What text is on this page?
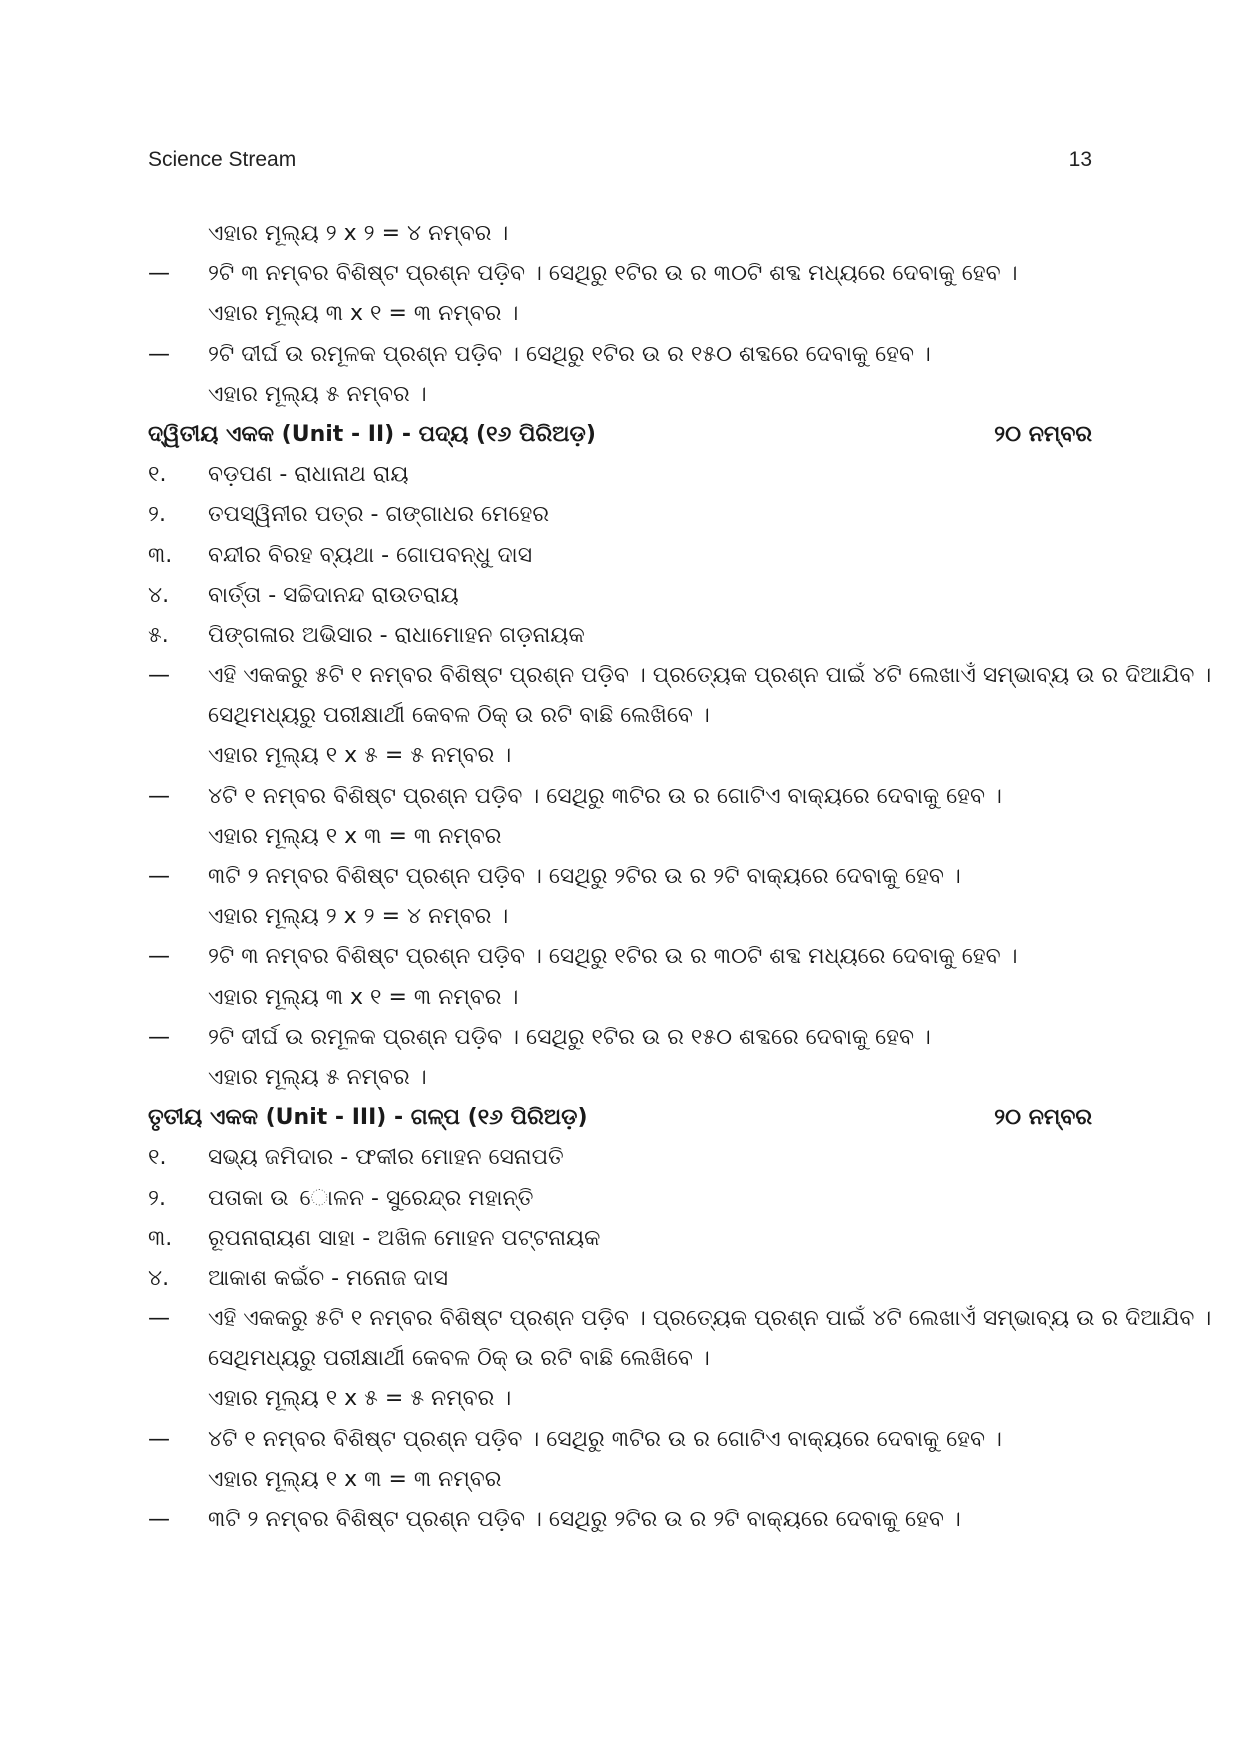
Science Stream	13
ଏହାର ମୂଲ୍ୟ ୨ x ୨ = ୪ ନମ୍ବର ।
— ୨ଟି ୩ ନମ୍ବର ବିଶିଷ୍ଟ ପ୍ରଶ୍ନ ପଡ଼ିବ । ସେଥିରୁ ୧ଟିର ଉ ର ୩୦ଟି ଶବ୍ଦ ମଧ୍ୟରେ ଦେବାକୁ ହେବ ।
ଏହାର ମୂଲ୍ୟ ୩ x ୧ = ୩ ନମ୍ବର ।
— ୨ଟି ଦୀର୍ଘ ଉ ରମୂଳକ ପ୍ରଶ୍ନ ପଡ଼ିବ । ସେଥିରୁ ୧ଟିର ଉ ର ୧୫୦ ଶବ୍ଦରେ ଦେବାକୁ ହେବ ।
ଏହାର ମୂଲ୍ୟ ୫ ନମ୍ବର ।
ଦ୍ୱିତୀୟ ଏକକ (Unit - II) - ପଦ୍ୟ (୧୬ ପିରିଅଡ଼)	୨୦ ନମ୍ବର
୧. ବଡ଼ପଣ - ରାଧାନାଥ ରାୟ
୨. ତପସ୍ୱିନୀର ପତ୍ର - ଗଙ୍ଗାଧର ମେହେର
୩. ବନ୍ଦୀର ବିରହ ବ୍ୟଥା - ଗୋପବନ୍ଧୁ ଦାସ
୪. ବାର୍ତ୍ତା - ସଚ୍ଚିଦାନନ୍ଦ ରାଉତରାୟ
୫. ପିଙ୍ଗଳାର ଅଭିସାର - ରାଧାମୋହନ ଗଡ଼ନାୟକ
— ଏହି ଏକକରୁ ୫ଟି ୧ ନମ୍ବର ବିଶିଷ୍ଟ ପ୍ରଶ୍ନ ପଡ଼ିବ । ପ୍ରତ୍ୟେକ ପ୍ରଶ୍ନ ପାଇଁ ୪ଟି ଲେଖାଏଁ ସମ୍ଭାବ୍ୟ ଉ ର ଦିଆଯିବ ।
ସେଥିମଧ୍ୟରୁ ପରୀକ୍ଷାର୍ଥୀ କେବଳ ଠିକ୍ ଉ ରଟି ବାଛି ଲେଖିବେ ।
ଏହାର ମୂଲ୍ୟ ୧ x ୫ = ୫ ନମ୍ବର ।
— ୪ଟି ୧ ନମ୍ବର ବିଶିଷ୍ଟ ପ୍ରଶ୍ନ ପଡ଼ିବ । ସେଥିରୁ ୩ଟିର ଉ ର ଗୋଟିଏ ବାକ୍ୟରେ ଦେବାକୁ ହେବ ।
ଏହାର ମୂଲ୍ୟ ୧ x ୩ = ୩ ନମ୍ବର
— ୩ଟି ୨ ନମ୍ବର ବିଶିଷ୍ଟ ପ୍ରଶ୍ନ ପଡ଼ିବ । ସେଥିରୁ ୨ଟିର ଉ ର ୨ଟି ବାକ୍ୟରେ ଦେବାକୁ ହେବ ।
ଏହାର ମୂଲ୍ୟ ୨ x ୨ = ୪ ନମ୍ବର ।
— ୨ଟି ୩ ନମ୍ବର ବିଶିଷ୍ଟ ପ୍ରଶ୍ନ ପଡ଼ିବ । ସେଥିରୁ ୧ଟିର ଉ ର ୩୦ଟି ଶବ୍ଦ ମଧ୍ୟରେ ଦେବାକୁ ହେବ ।
ଏହାର ମୂଲ୍ୟ ୩ x ୧ = ୩ ନମ୍ବର ।
— ୨ଟି ଦୀର୍ଘ ଉ ରମୂଳକ ପ୍ରଶ୍ନ ପଡ଼ିବ । ସେଥିରୁ ୧ଟିର ଉ ର ୧୫୦ ଶବ୍ଦରେ ଦେବାକୁ ହେବ ।
ଏହାର ମୂଲ୍ୟ ୫ ନମ୍ବର ।
ତୃତୀୟ ଏକକ (Unit - III) - ଗଳ୍ପ (୧୬ ପିରିଅଡ଼)	୨୦ ନମ୍ବର
୧. ସଭ୍ୟ ଜମିଦାର - ଫକୀର ମୋହନ ସେନାପତି
୨. ପତାକା ଉ ୋଳନ - ସୁରେନ୍ଦ୍ର ମହାନ୍ତି
୩. ରୂପନାରାୟଣ ସାହା - ଅଖିଳ ମୋହନ ପଟ୍ଟନାୟକ
୪. ଆକାଶ କଇଁଚ - ମନୋଜ ଦାସ
— ଏହି ଏକକରୁ ୫ଟି ୧ ନମ୍ବର ବିଶିଷ୍ଟ ପ୍ରଶ୍ନ ପଡ଼ିବ । ପ୍ରତ୍ୟେକ ପ୍ରଶ୍ନ ପାଇଁ ୪ଟି ଲେଖାଏଁ ସମ୍ଭାବ୍ୟ ଉ ର ଦିଆଯିବ ।
ସେଥିମଧ୍ୟରୁ ପରୀକ୍ଷାର୍ଥୀ କେବଳ ଠିକ୍ ଉ ରଟି ବାଛି ଲେଖିବେ ।
ଏହାର ମୂଲ୍ୟ ୧ x ୫ = ୫ ନମ୍ବର ।
— ୪ଟି ୧ ନମ୍ବର ବିଶିଷ୍ଟ ପ୍ରଶ୍ନ ପଡ଼ିବ । ସେଥିରୁ ୩ଟିର ଉ ର ଗୋଟିଏ ବାକ୍ୟରେ ଦେବାକୁ ହେବ ।
ଏହାର ମୂଲ୍ୟ ୧ x ୩ = ୩ ନମ୍ବର
— ୩ଟି ୨ ନମ୍ବର ବିଶିଷ୍ଟ ପ୍ରଶ୍ନ ପଡ଼ିବ । ସେଥିରୁ ୨ଟିର ଉ ର ୨ଟି ବାକ୍ୟରେ ଦେବାକୁ ହେବ ।
